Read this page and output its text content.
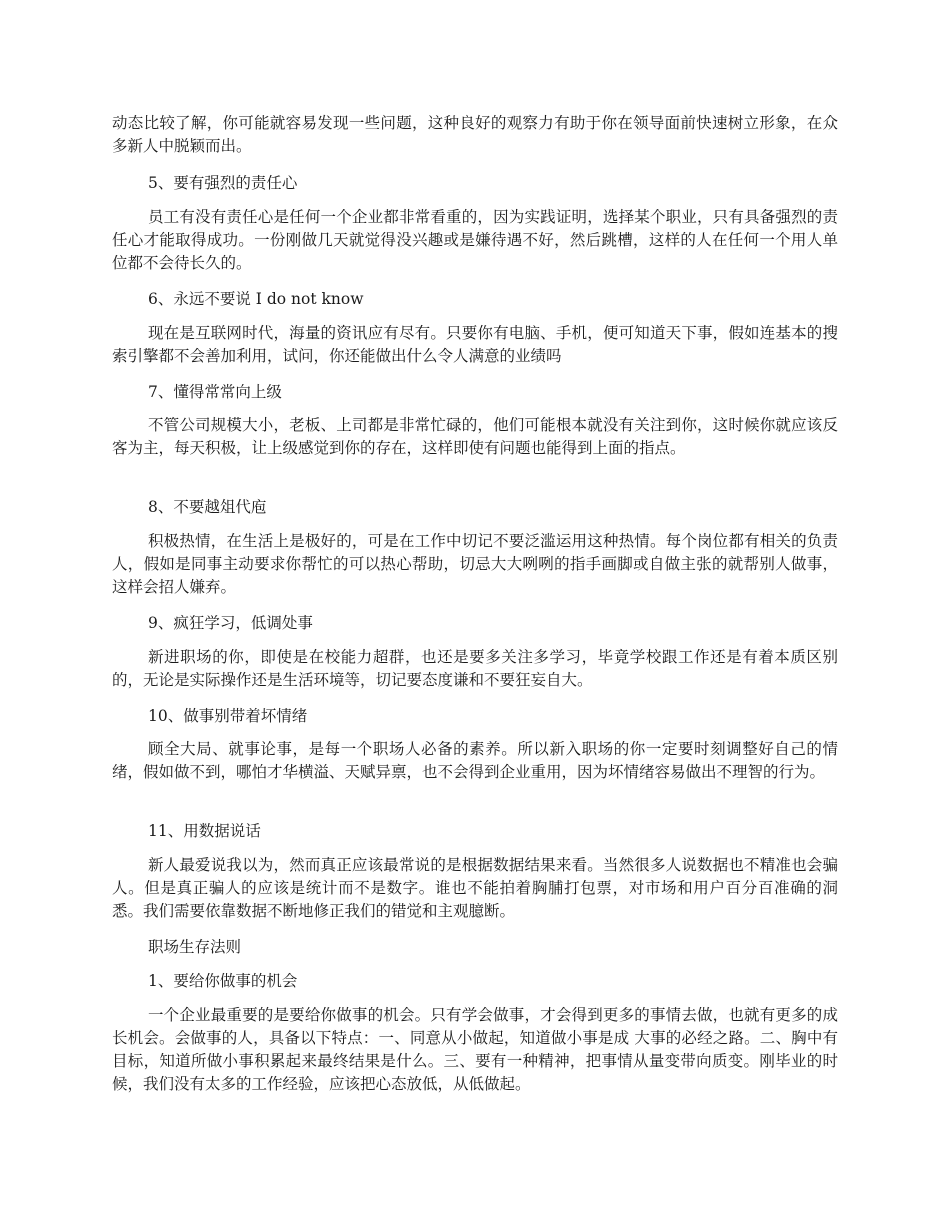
动态比较了解，你可能就容易发现一些问题，这种良好的观察力有助于你在领导面前快速树立形象，在众多新人中脱颖而出。

5、要有强烈的责任心

员工有没有责任心是任何一个企业都非常看重的，因为实践证明，选择某个职业，只有具备强烈的责任心才能取得成功。一份刚做几天就觉得没兴趣或是嫌待遇不好，然后跳槽，这样的人在任何一个用人单位都不会待长久的。

6、永远不要说 I do not know

现在是互联网时代，海量的资讯应有尽有。只要你有电脑、手机，便可知道天下事，假如连基本的搜索引擎都不会善加利用，试问，你还能做出什么令人满意的业绩吗

7、懂得常常向上级

不管公司规模大小，老板、上司都是非常忙碌的，他们可能根本就没有关注到你，这时候你就应该反客为主，每天积极，让上级感觉到你的存在，这样即使有问题也能得到上面的指点。

8、不要越俎代庖

积极热情，在生活上是极好的，可是在工作中切记不要泛滥运用这种热情。每个岗位都有相关的负责人，假如是同事主动要求你帮忙的可以热心帮助，切忌大大咧咧的指手画脚或自做主张的就帮别人做事，这样会招人嫌弃。

9、疯狂学习，低调处事

新进职场的你，即使是在校能力超群，也还是要多关注多学习，毕竟学校跟工作还是有着本质区别的，无论是实际操作还是生活环境等，切记要态度谦和不要狂妄自大。

10、做事别带着坏情绪

顾全大局、就事论事，是每一个职场人必备的素养。所以新入职场的你一定要时刻调整好自己的情绪，假如做不到，哪怕才华横溢、天赋异禀，也不会得到企业重用，因为坏情绪容易做出不理智的行为。

11、用数据说话

新人最爱说我以为，然而真正应该最常说的是根据数据结果来看。当然很多人说数据也不精准也会骗人。但是真正骗人的应该是统计而不是数字。谁也不能拍着胸脯打包票，对市场和用户百分百准确的洞悉。我们需要依靠数据不断地修正我们的错觉和主观臆断。

职场生存法则

1、要给你做事的机会

一个企业最重要的是要给你做事的机会。只有学会做事，才会得到更多的事情去做，也就有更多的成长机会。会做事的人，具备以下特点：一、同意从小做起，知道做小事是成 大事的必经之路。二、胸中有目标，知道所做小事积累起来最终结果是什么。三、要有一种精神，把事情从量变带向质变。刚毕业的时候，我们没有太多的工作经验，应该把心态放低，从低做起。
